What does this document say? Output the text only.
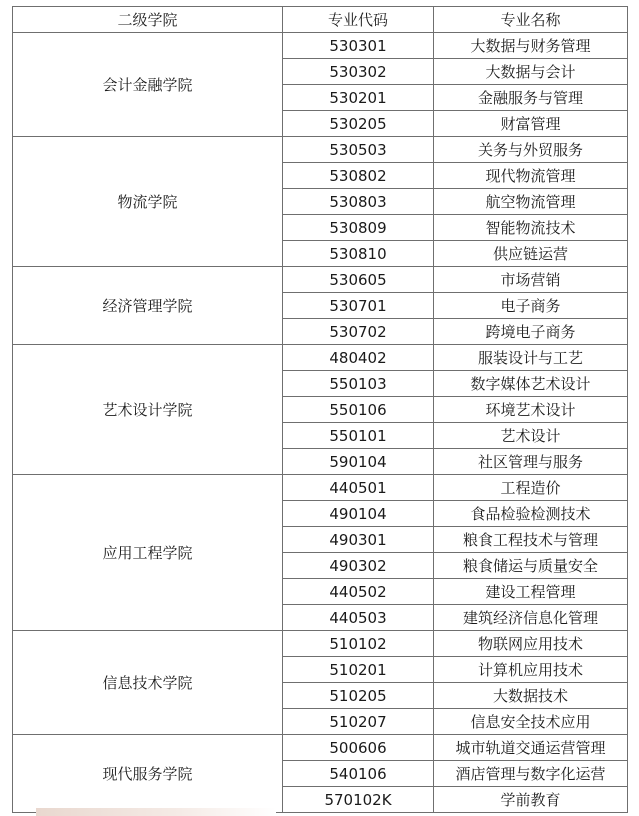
二级学院	专业代码	专业名称
会计金融学院	530301	大数据与财务管理
	530302	大数据与会计
	530201	金融服务与管理
	530205	财富管理
物流学院	530503	关务与外贸服务
	530802	现代物流管理
	530803	航空物流管理
	530809	智能物流技术
	530810	供应链运营
经济管理学院	530605	市场营销
	530701	电子商务
	530702	跨境电子商务
艺术设计学院	480402	服装设计与工艺
	550103	数字媒体艺术设计
	550106	环境艺术设计
	550101	艺术设计
	590104	社区管理与服务
应用工程学院	440501	工程造价
	490104	食品检验检测技术
	490301	粮食工程技术与管理
	490302	粮食储运与质量安全
	440502	建设工程管理
	440503	建筑经济信息化管理
信息技术学院	510102	物联网应用技术
	510201	计算机应用技术
	510205	大数据技术
	510207	信息安全技术应用
现代服务学院	500606	城市轨道交通运营管理
	540106	酒店管理与数字化运营
	570102K	学前教育
